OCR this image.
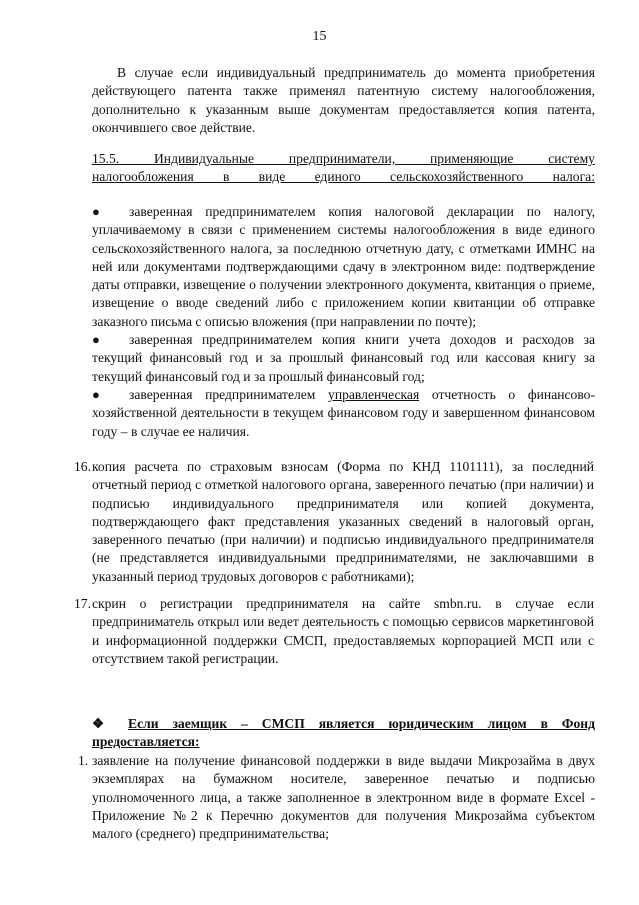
15
В случае если индивидуальный предприниматель до момента приобретения действующего патента также применял патентную систему налогообложения, дополнительно к указанным выше документам предоставляется копия патента, окончившего свое действие.
15.5.	Индивидуальные предприниматели, применяющие систему налогообложения в виде единого сельскохозяйственного налога:
●	заверенная предпринимателем копия налоговой декларации по налогу, уплачиваемому в связи с применением системы налогообложения в виде единого сельскохозяйственного налога, за последнюю отчетную дату, с отметками ИМНС на ней или документами подтверждающими сдачу в электронном виде: подтверждение даты отправки, извещение о получении электронного документа, квитанция о приеме, извещение о вводе сведений либо с приложением копии квитанции об отправке заказного письма с описью вложения (при направлении по почте);
●	заверенная предпринимателем копия книги учета доходов и расходов за текущий финансовый год и за прошлый финансовый год или кассовая книгу за текущий финансовый год и за прошлый финансовый год;
●	заверенная предпринимателем управленческая отчетность о финансово-хозяйственной деятельности в текущем финансовом году и завершенном финансовом году – в случае ее наличия.
16. копия расчета по страховым взносам (Форма по КНД 1101111), за последний отчетный период с отметкой налогового органа, заверенного печатью (при наличии) и подписью индивидуального предпринимателя или копией документа, подтверждающего факт представления указанных сведений в налоговый орган, заверенного печатью (при наличии) и подписью индивидуального предпринимателя (не представляется индивидуальными предпринимателями, не заключавшими в указанный период трудовых договоров с работниками);
17. скрин о регистрации предпринимателя на сайте smbn.ru. в случае если предприниматель открыл или ведет деятельность с помощью сервисов маркетинговой и информационной поддержки СМСП, предоставляемых корпорацией МСП или с отсутствием такой регистрации.
❖	Если заемщик – СМСП является юридическим лицом в Фонд предоставляется:
1. заявление на получение финансовой поддержки в виде выдачи Микрозайма в двух экземплярах на бумажном носителе, заверенное печатью и подписью уполномоченного лица, а также заполненное в электронном виде в формате Excel - Приложение №2 к Перечню документов для получения Микрозайма субъектом малого (среднего) предпринимательства;
